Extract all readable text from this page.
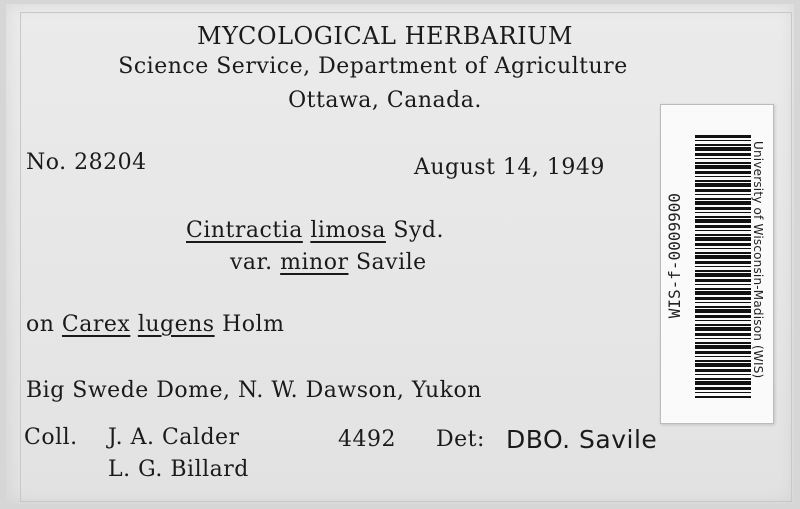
MYCOLOGICAL HERBARIUM
Science Service, Department of Agriculture
Ottawa, Canada.
No. 28204	August 14, 1949
Cintractia limosa Syd.
var. minor Savile
on Carex lugens Holm
Big Swede Dome, N. W. Dawson, Yukon
Coll. J. A. Calder
L. G. Billard
4492 Det: DBO. Savile
University of Wisconsin-Madison (WIS)
WIS-f-0009900
